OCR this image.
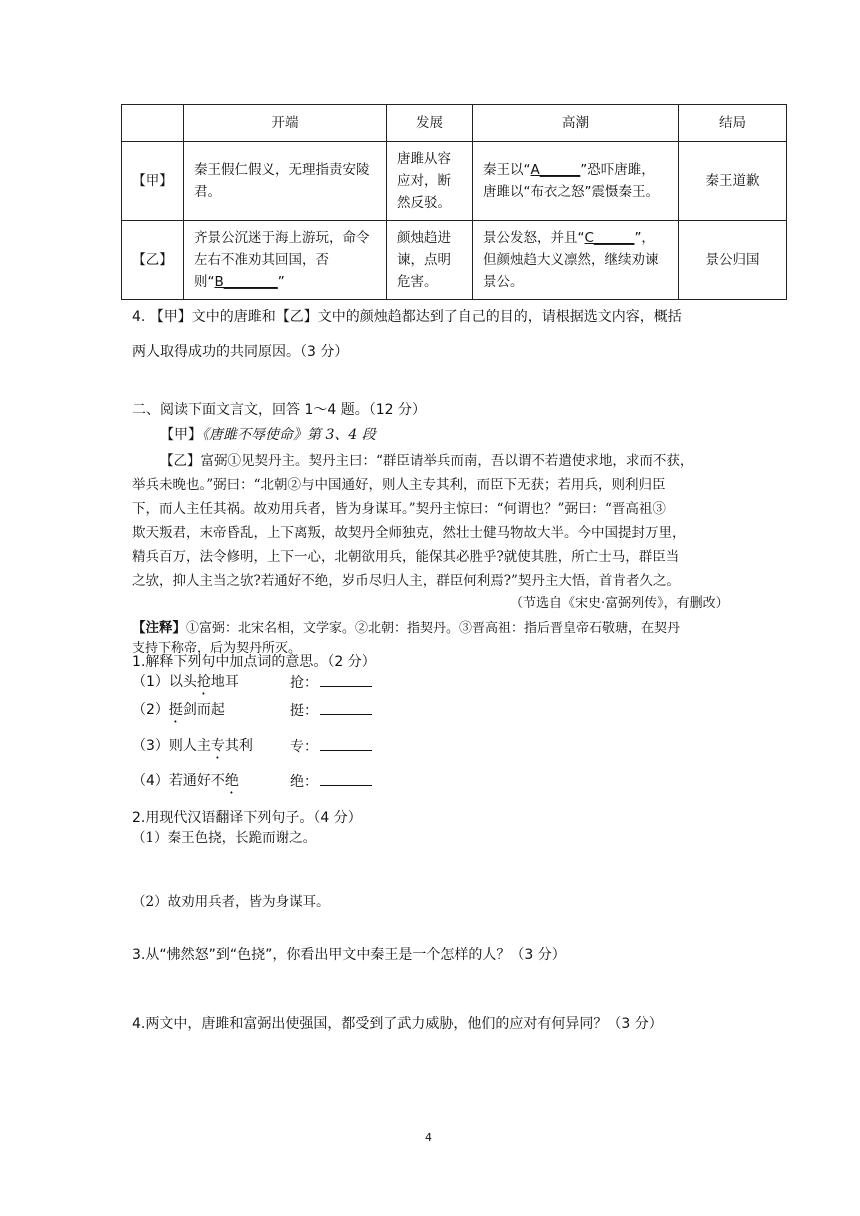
	开端	发展	高潮	结局
【甲】	秦王假仁假义，无理指责安陵君。	唐雎从容应对，断然反驳。	秦王以“A______”恐吓唐雎，唐雎以“布衣之怒”震慑秦王。	秦王道歉
【乙】	齐景公沉迷于海上游玩，命令左右不准劝其回国，否则“B________”	颜烛趋进谏，点明危害。	景公发怒，并且“C______”，但颜烛趋大义凛然，继续劝谏景公。	景公归国
4. 【甲】文中的唐雎和【乙】文中的颜烛趋都达到了自己的目的，请根据选文内容，概括
两人取得成功的共同原因。（3 分）
二、阅读下面文言文，回答 1～4 题。（12 分）
【甲】《唐雎不辱使命》第 3、4 段
【乙】富弼①见契丹主。契丹主曰：“群臣请举兵而南，吾以谓不若遣使求地，求而不获，
举兵未晚也。”弼曰：“北朝②与中国通好，则人主专其利，而臣下无获；若用兵，则利归臣
下，而人主任其祸。故劝用兵者，皆为身谋耳。”契丹主惊曰：“何谓也？”弼曰：“晋高祖③
欺天叛君，末帝昏乱，上下离叛，故契丹全师独克，然壮士健马物故大半。今中国提封万里，
精兵百万，法令修明，上下一心，北朝欲用兵，能保其必胜乎?就使其胜，所亡士马，群臣当
之欤，抑人主当之欤?若通好不绝，岁币尽归人主，群臣何利焉?”契丹主大悟，首肯者久之。
（节选自《宋史·富弼列传》，有删改）
【注释】①富弼：北宋名相，文学家。②北朝：指契丹。③晋高祖：指后晋皇帝石敬瑭，在契丹
支持下称帝，后为契丹所灭。
1.解释下列句中加点词的意思。（2 分）
（1）以头抢地耳	抢：
（2）挺剑而起	挺：
（3）则人主专其利	专：
（4）若通好不绝	绝：
2.用现代汉语翻译下列句子。（4 分）
（1）秦王色挠，长跪而谢之。
（2）故劝用兵者，皆为身谋耳。
3.从“怫然怒”到“色挠”，你看出甲文中秦王是一个怎样的人？（3 分）
4.两文中，唐雎和富弼出使强国，都受到了武力威胁，他们的应对有何异同？（3 分）
4
